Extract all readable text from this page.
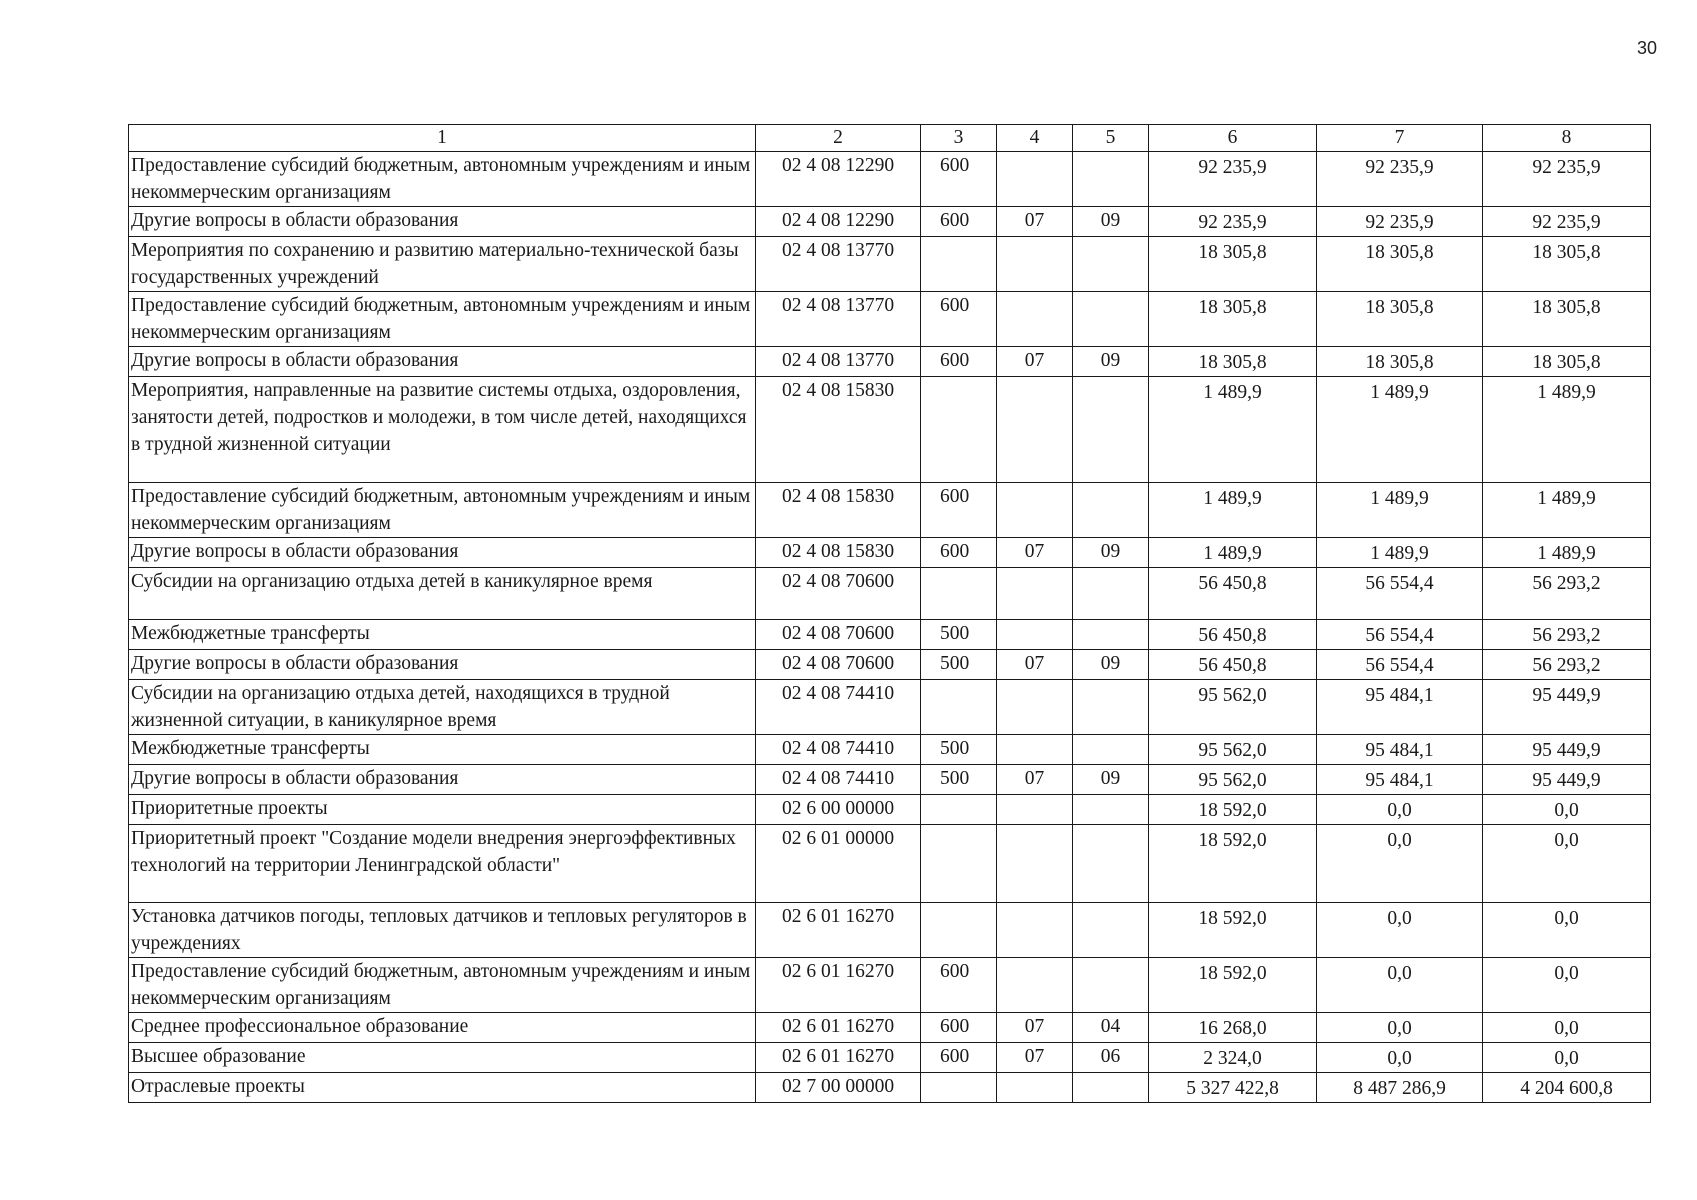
30
1	2	3	4	5	6	7	8
Предоставление субсидий бюджетным, автономным учреждениям и иным некоммерческим организациям	02 4 08 12290	600			92 235,9	92 235,9	92 235,9
Другие вопросы в области образования	02 4 08 12290	600	07	09	92 235,9	92 235,9	92 235,9
Мероприятия по сохранению и развитию материально-технической базы государственных учреждений	02 4 08 13770				18 305,8	18 305,8	18 305,8
Предоставление субсидий бюджетным, автономным учреждениям и иным некоммерческим организациям	02 4 08 13770	600			18 305,8	18 305,8	18 305,8
Другие вопросы в области образования	02 4 08 13770	600	07	09	18 305,8	18 305,8	18 305,8
Мероприятия, направленные на развитие системы отдыха, оздоровления, занятости детей, подростков и молодежи, в том числе детей, находящихся в трудной жизненной ситуации	02 4 08 15830				1 489,9	1 489,9	1 489,9
Предоставление субсидий бюджетным, автономным учреждениям и иным некоммерческим организациям	02 4 08 15830	600			1 489,9	1 489,9	1 489,9
Другие вопросы в области образования	02 4 08 15830	600	07	09	1 489,9	1 489,9	1 489,9
Субсидии на организацию отдыха детей в каникулярное время	02 4 08 70600				56 450,8	56 554,4	56 293,2
Межбюджетные трансферты	02 4 08 70600	500			56 450,8	56 554,4	56 293,2
Другие вопросы в области образования	02 4 08 70600	500	07	09	56 450,8	56 554,4	56 293,2
Субсидии на организацию отдыха детей, находящихся в трудной жизненной ситуации, в каникулярное время	02 4 08 74410				95 562,0	95 484,1	95 449,9
Межбюджетные трансферты	02 4 08 74410	500			95 562,0	95 484,1	95 449,9
Другие вопросы в области образования	02 4 08 74410	500	07	09	95 562,0	95 484,1	95 449,9
Приоритетные проекты	02 6 00 00000				18 592,0	0,0	0,0
Приоритетный проект "Создание модели внедрения энергоэффективных технологий на территории Ленинградской области"	02 6 01 00000				18 592,0	0,0	0,0
Установка датчиков погоды, тепловых датчиков и тепловых регуляторов в учреждениях	02 6 01 16270				18 592,0	0,0	0,0
Предоставление субсидий бюджетным, автономным учреждениям и иным некоммерческим организациям	02 6 01 16270	600			18 592,0	0,0	0,0
Среднее профессиональное образование	02 6 01 16270	600	07	04	16 268,0	0,0	0,0
Высшее образование	02 6 01 16270	600	07	06	2 324,0	0,0	0,0
Отраслевые проекты	02 7 00 00000				5 327 422,8	8 487 286,9	4 204 600,8
